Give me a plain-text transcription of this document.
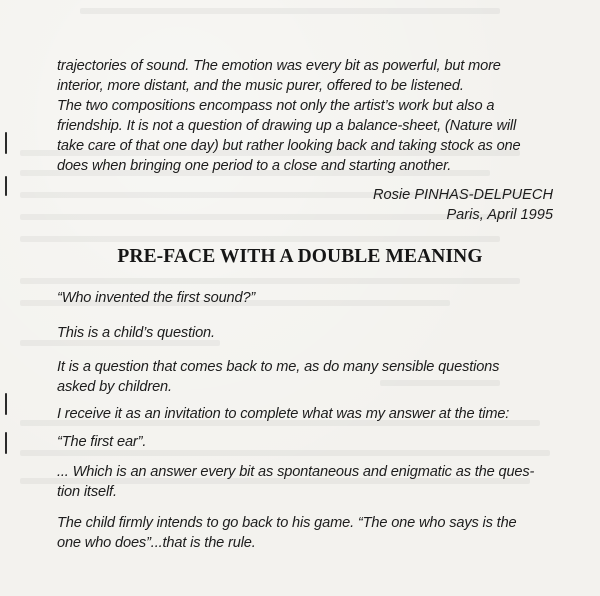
trajectories of sound. The emotion was every bit as powerful, but more
interior, more distant, and the music purer, offered to be listened.
The two compositions encompass not only the artist’s work but also a
friendship. It is not a question of drawing up a balance-sheet, (Nature will
take care of that one day) but rather looking back and taking stock as one
does when bringing one period to a close and starting another.
Rosie PINHAS-DELPUECH
Paris, April 1995
PRE-FACE WITH A DOUBLE MEANING
“Who invented the first sound?”
This is a child’s question.
It is a question that comes back to me, as do many sensible questions
asked by children.
I receive it as an invitation to complete what was my answer at the time:
“The first ear”.
... Which is an answer every bit as spontaneous and enigmatic as the ques-
tion itself.
The child firmly intends to go back to his game. “The one who says is the
one who does”...that is the rule.
